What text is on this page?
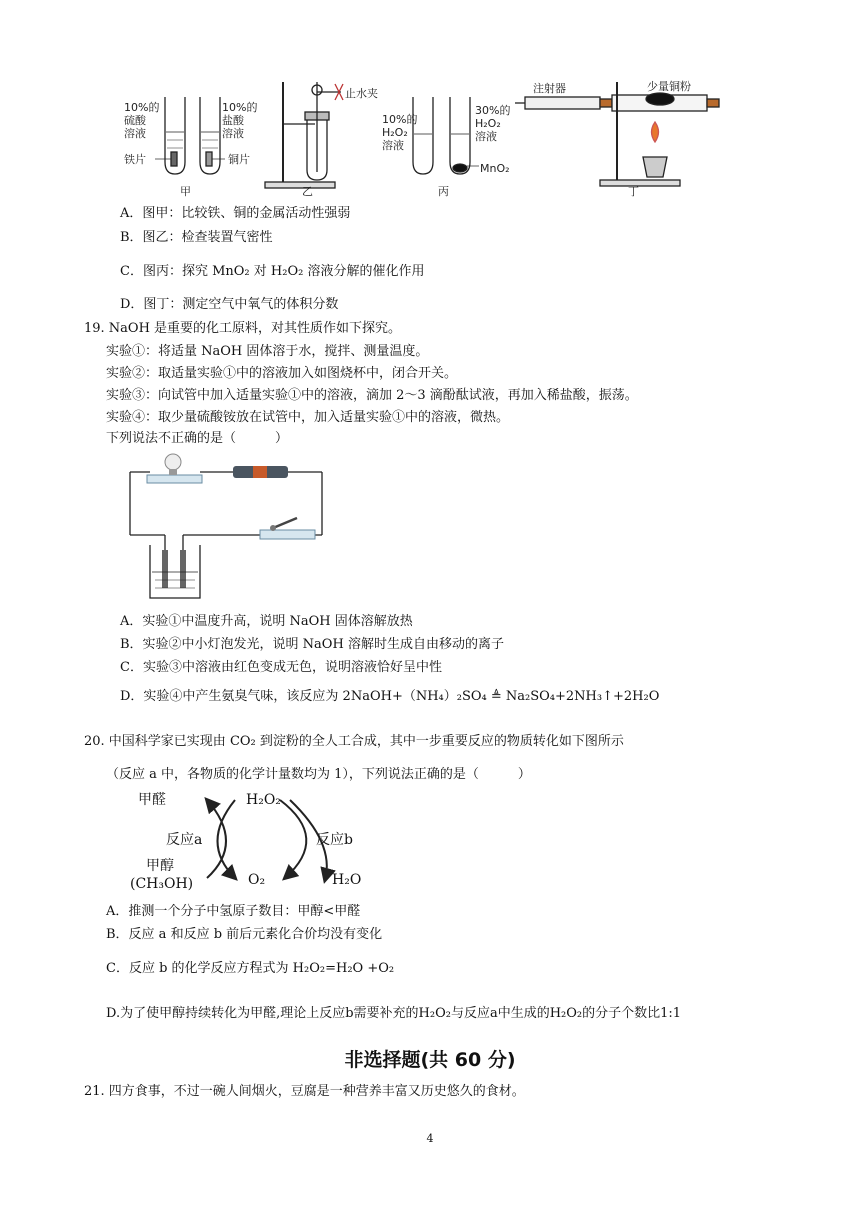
10%的
硫酸
溶液
10%的
盐酸
溶液
铁片	铜片
甲
止水夹
乙
10%的
H₂O₂
溶液
30%的
H₂O₂
溶液
MnO₂
丙
注射器	少量铜粉
丁
A．图甲：比较铁、铜的金属活动性强弱
B．图乙：检查装置气密性
C．图丙：探究 MnO₂ 对 H₂O₂ 溶液分解的催化作用
D．图丁：测定空气中氧气的体积分数
19. NaOH 是重要的化工原料，对其性质作如下探究。
实验①：将适量 NaOH 固体溶于水，搅拌、测量温度。
实验②：取适量实验①中的溶液加入如图烧杯中，闭合开关。
实验③：向试管中加入适量实验①中的溶液，滴加 2～3 滴酚酞试液，再加入稀盐酸，振荡。
实验④：取少量硫酸铵放在试管中，加入适量实验①中的溶液，微热。
下列说法不正确的是（　　　）
A．实验①中温度升高，说明 NaOH 固体溶解放热
B．实验②中小灯泡发光，说明 NaOH 溶解时生成自由移动的离子
C．实验③中溶液由红色变成无色，说明溶液恰好呈中性
D．实验④中产生氨臭气味，该反应为 2NaOH+（NH₄）₂SO₄ ≜ Na₂SO₄+2NH₃↑+2H₂O
20. 中国科学家已实现由 CO₂ 到淀粉的全人工合成，其中一步重要反应的物质转化如下图所示
（反应 a 中，各物质的化学计量数均为 1），下列说法正确的是（　　　）
甲醛	H₂O₂
反应a	反应b
甲醇
(CH₃OH)	O₂	H₂O
A．推测一个分子中氢原子数目：甲醇<甲醛
B．反应 a 和反应 b 前后元素化合价均没有变化
C．反应 b 的化学反应方程式为 H₂O₂=H₂O +O₂
D.为了使甲醇持续转化为甲醛,理论上反应b需要补充的H₂O₂与反应a中生成的H₂O₂的分子个数比1:1
非选择题(共 60 分)
21. 四方食事，不过一碗人间烟火，豆腐是一种营养丰富又历史悠久的食材。
4
